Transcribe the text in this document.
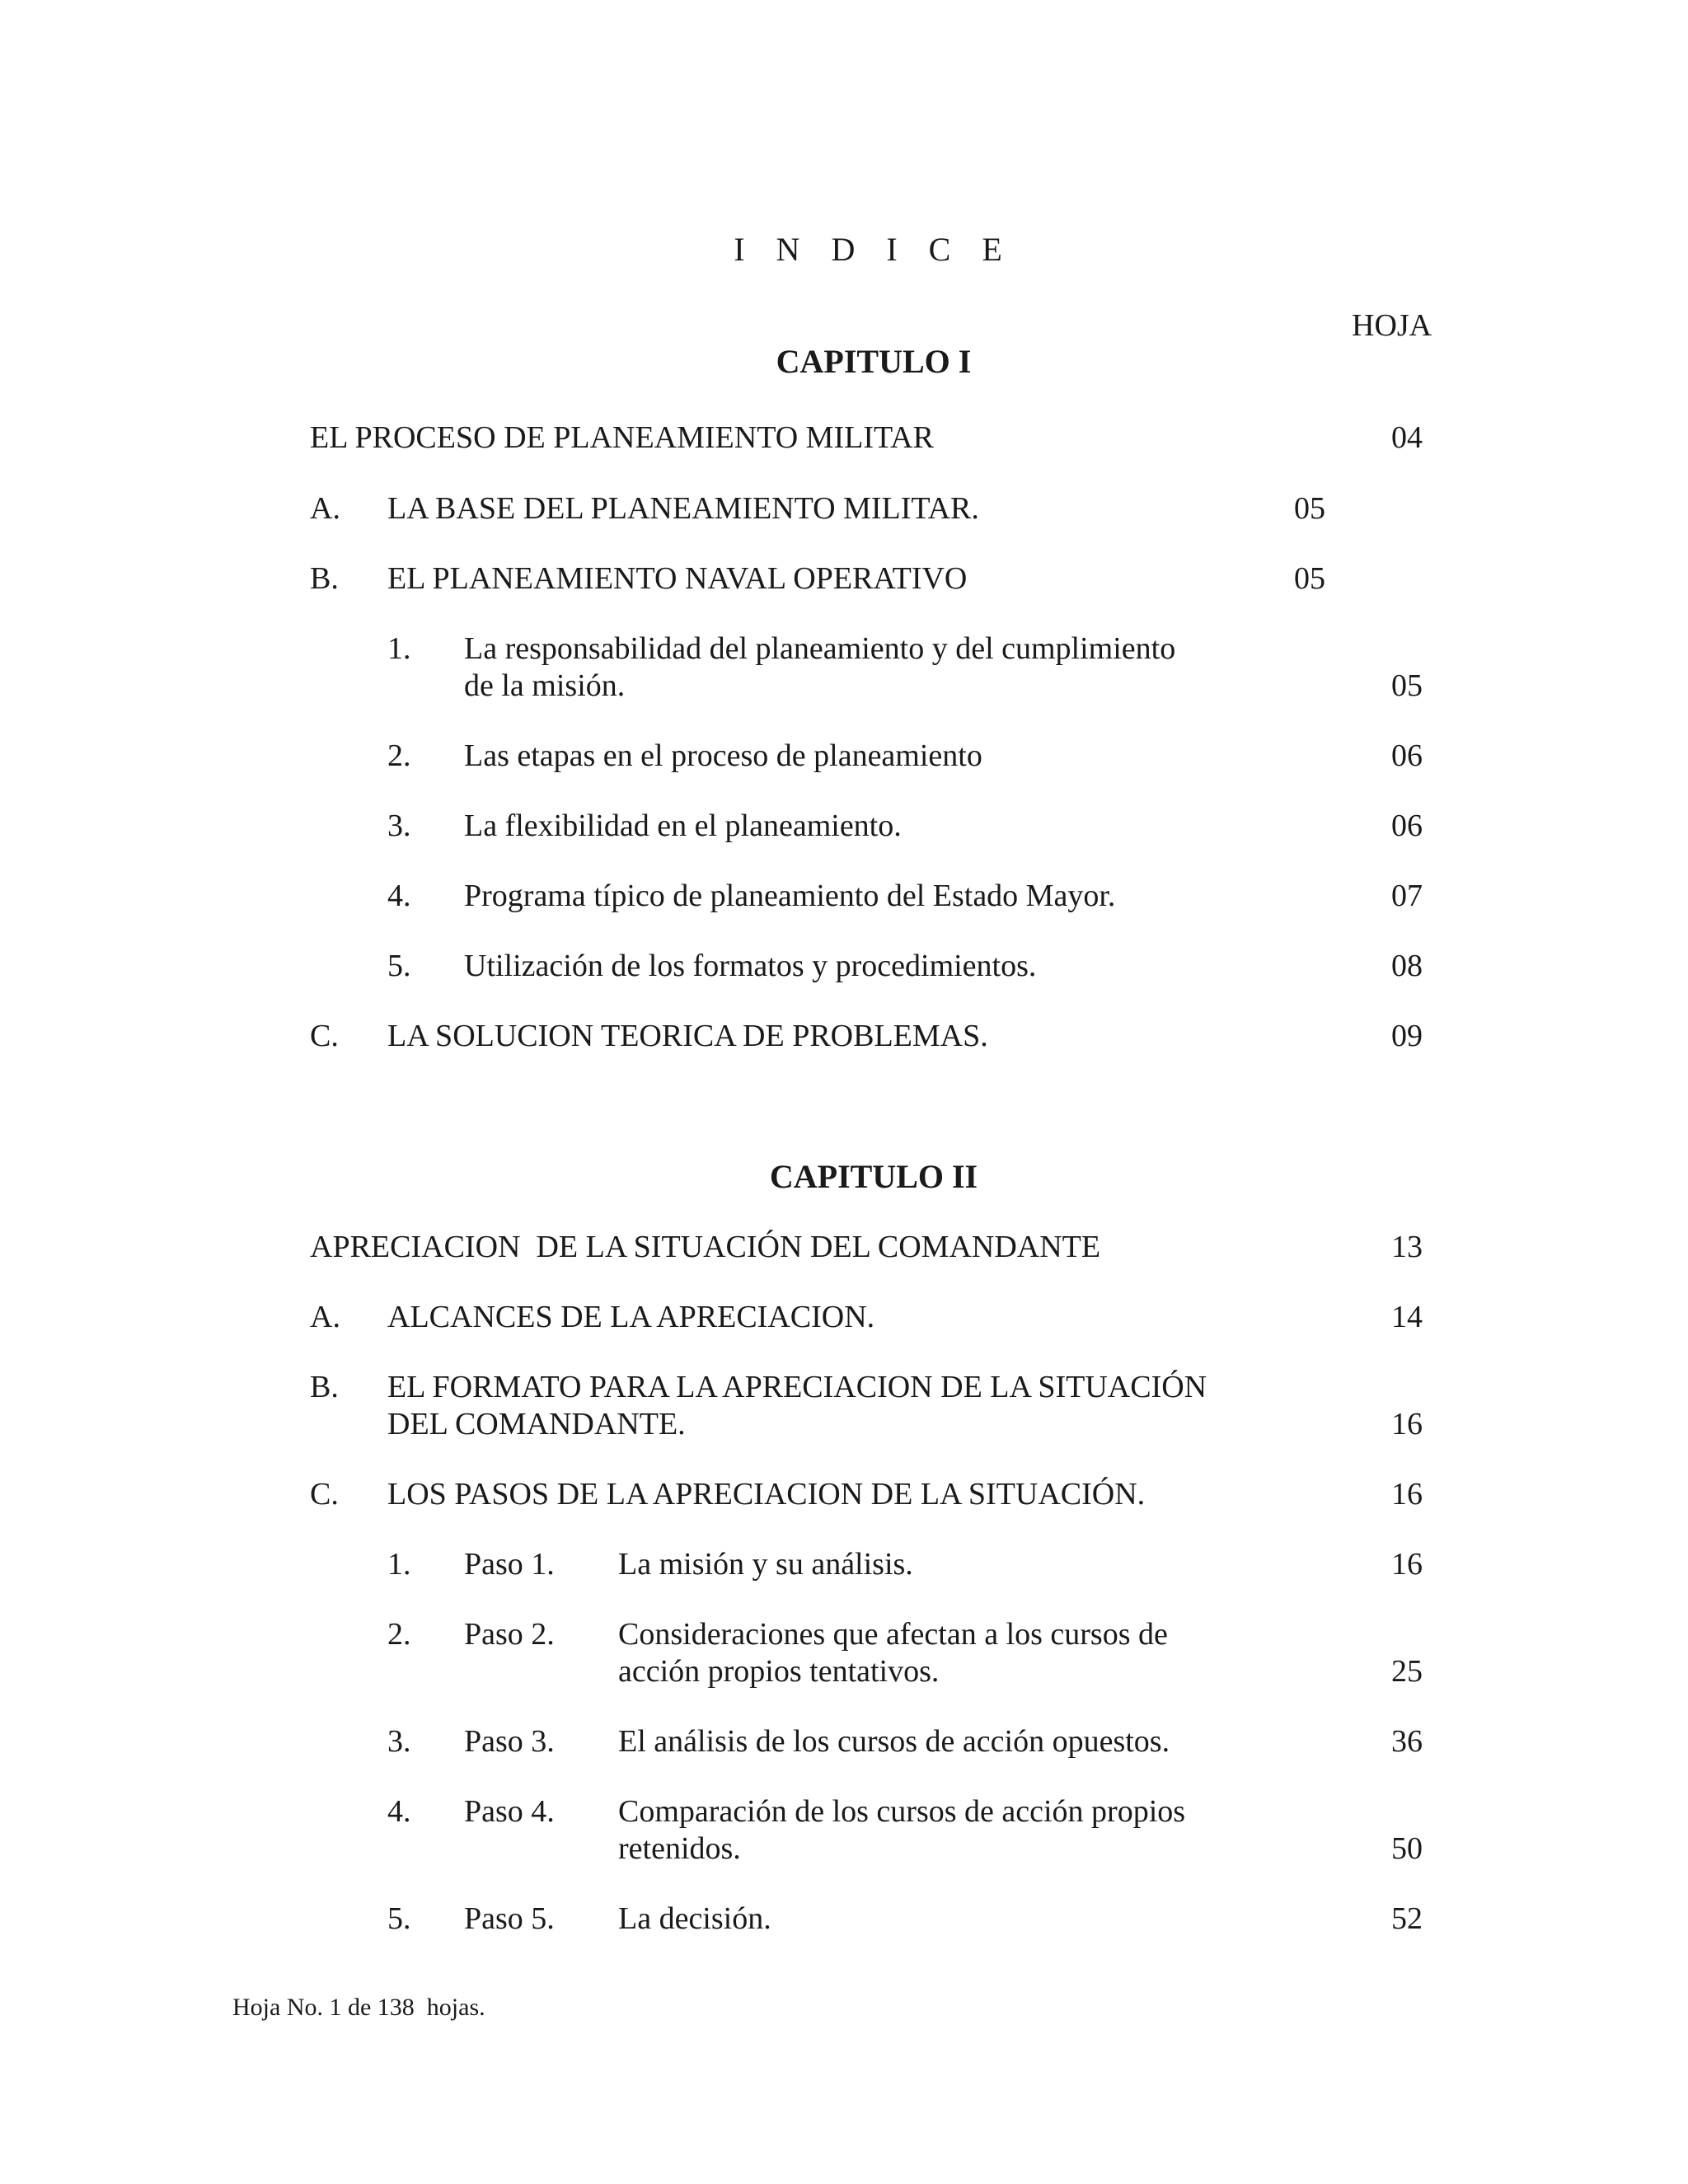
I N D I C E
HOJA
CAPITULO I
EL PROCESO DE PLANEAMIENTO MILITAR	04
A. LA BASE DEL PLANEAMIENTO MILITAR.	05
B. EL PLANEAMIENTO NAVAL OPERATIVO	05
1. La responsabilidad del planeamiento y del cumplimiento
de la misión.	05
2. Las etapas en el proceso de planeamiento	06
3. La flexibilidad en el planeamiento.	06
4. Programa típico de planeamiento del Estado Mayor.	07
5. Utilización de los formatos y procedimientos.	08
C. LA SOLUCION TEORICA DE PROBLEMAS.	09
CAPITULO II
APRECIACION  DE LA SITUACIÓN DEL COMANDANTE	13
A. ALCANCES DE LA APRECIACION.	14
B. EL FORMATO PARA LA APRECIACION DE LA SITUACIÓN
DEL COMANDANTE.	16
C. LOS PASOS DE LA APRECIACION DE LA SITUACIÓN.	16
1. Paso 1. La misión y su análisis.	16
2. Paso 2. Consideraciones que afectan a los cursos de
acción propios tentativos.	25
3. Paso 3. El análisis de los cursos de acción opuestos.	36
4. Paso 4. Comparación de los cursos de acción propios
retenidos.	50
5. Paso 5. La decisión.	52
Hoja No. 1 de 138  hojas.
